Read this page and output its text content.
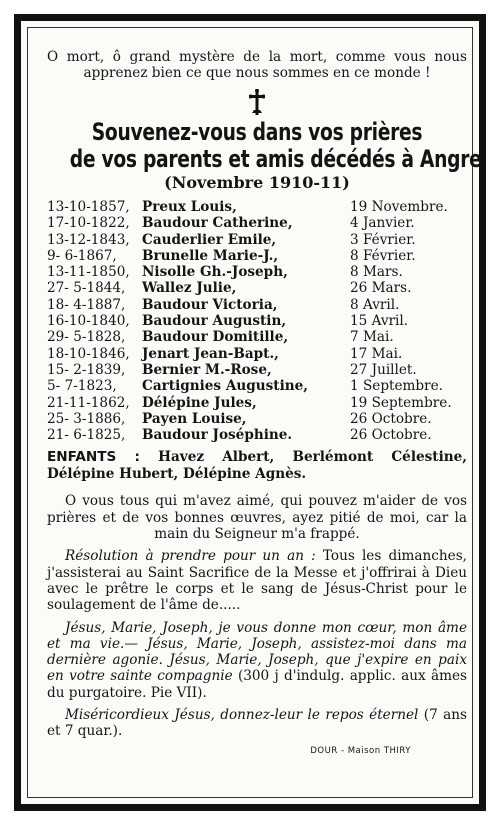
O mort, ô grand mystère de la mort, comme vous nous apprenez bien ce que nous sommes en ce monde !

Souvenez-vous dans vos prières
de vos parents et amis décédés à Angre
(Novembre 1910-11)
13-10-1857,	Preux Louis,	19 Novembre.
17-10-1822,	Baudour Catherine,	4 Janvier.
13-12-1843,	Cauderlier Emile,	3 Février.
9- 6-1867,	Brunelle Marie-J.,	8 Février.
13-11-1850,	Nisolle Gh.-Joseph,	8 Mars.
27- 5-1844,	Wallez Julie,	26 Mars.
18- 4-1887,	Baudour Victoria,	8 Avril.
16-10-1840,	Baudour Augustin,	15 Avril.
29- 5-1828,	Baudour Domitille,	7 Mai.
18-10-1846,	Jenart Jean-Bapt.,	17 Mai.
15- 2-1839,	Bernier M.-Rose,	27 Juillet.
5- 7-1823,	Cartignies Augustine,	1 Septembre.
21-11-1862,	Délépine Jules,	19 Septembre.
25- 3-1886,	Payen Louise,	26 Octobre.
21- 6-1825,	Baudour Joséphine.	26 Octobre.
ENFANTS : Havez Albert, Berlémont Célestine, Délépine Hubert, Délépine Agnès.

O vous tous qui m'avez aimé, qui pouvez m'aider de vos prières et de vos bonnes œuvres, ayez pitié de moi, car la main du Seigneur m'a frappé.

Résolution à prendre pour un an : Tous les dimanches, j'assisterai au Saint Sacrifice de la Messe et j'offrirai à Dieu avec le prêtre le corps et le sang de Jésus-Christ pour le soulagement de l'âme de.....

Jésus, Marie, Joseph, je vous donne mon cœur, mon âme et ma vie.— Jésus, Marie, Joseph, assistez-moi dans ma dernière agonie. Jésus, Marie, Joseph, que j'expire en paix en votre sainte compagnie (300 j d'indulg. applic. aux âmes du purgatoire. Pie VII).

Miséricordieux Jésus, donnez-leur le repos éternel (7 ans et 7 quar.).

DOUR - Maison THIRY
